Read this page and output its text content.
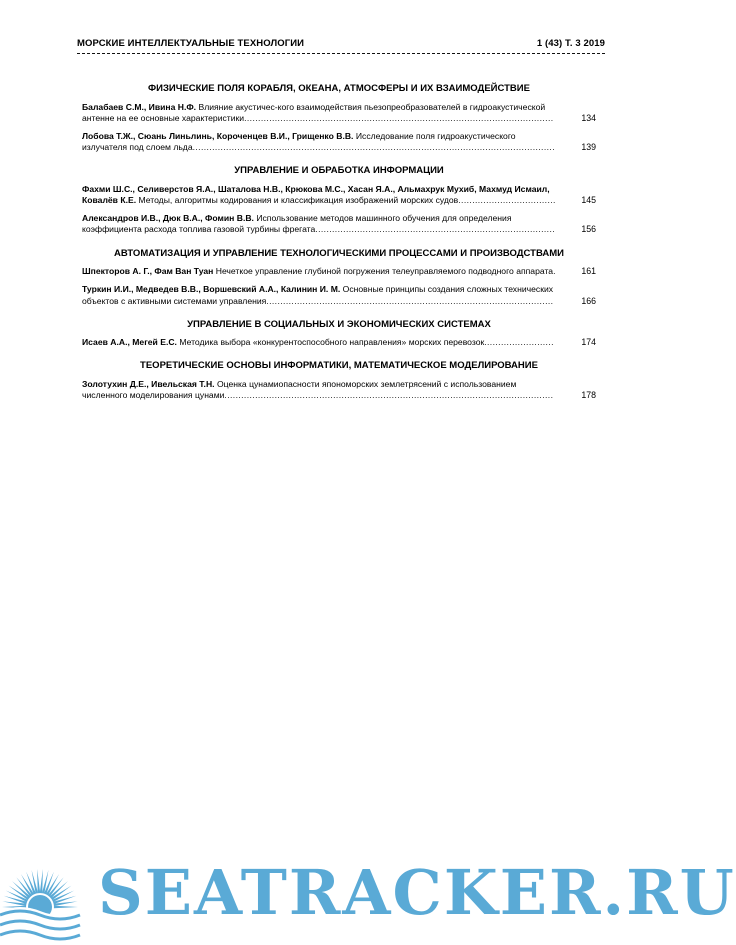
МОРСКИЕ ИНТЕЛЛЕКТУАЛЬНЫЕ ТЕХНОЛОГИИ	1 (43) Т. 3 2019
ФИЗИЧЕСКИЕ ПОЛЯ КОРАБЛЯ, ОКЕАНА, АТМОСФЕРЫ И ИХ ВЗАИМОДЕЙСТВИЕ
Балабаев С.М., Ивина Н.Ф. Влияние акустичес-кого взаимодействия пьезопреобразователей в гидроакустической антенне на ее основные характеристики...............................................................................................................	134
Лобова Т.Ж., Сюань Линьлинь, Короченцев В.И., Грищенко В.В. Исследование поля гидроакустического излучателя под слоем льда..................................................................................................................................	139
УПРАВЛЕНИЕ И ОБРАБОТКА ИНФОРМАЦИИ
Фахми Ш.С., Селиверстов Я.А., Шаталова Н.В., Крюкова М.С., Хасан Я.А., Альмахрук Мухиб, Махмуд Исмаил, Ковалёв К.Е. Методы, алгоритмы кодирования и классификация изображений морских судов...................................	145
Александров И.В., Дюк В.А., Фомин В.В. Использование методов машинного обучения для определения коэффициента расхода топлива газовой турбины фрегата......................................................................................	156
АВТОМАТИЗАЦИЯ И УПРАВЛЕНИЕ ТЕХНОЛОГИЧЕСКИМИ ПРОЦЕССАМИ И ПРОИЗВОДСТВАМИ
Шпекторов А. Г., Фам Ван Туан Нечеткое управление глубиной погружения телеуправляемого подводного аппарата.	161
Туркин И.И., Медведев В.В., Воршевский А.А., Калинин И. М. Основные принципы создания сложных технических объектов с активными системами управления.......................................................................................................	166
УПРАВЛЕНИЕ В СОЦИАЛЬНЫХ И ЭКОНОМИЧЕСКИХ СИСТЕМАХ
Исаев А.А., Мегей Е.С. Методика выбора «конкурентоспособного направления» морских перевозок.........................	174
ТЕОРЕТИЧЕСКИЕ ОСНОВЫ ИНФОРМАТИКИ, МАТЕМАТИЧЕСКОЕ МОДЕЛИРОВАНИЕ
Золотухин Д.Е., Ивельская Т.Н. Оценка цунамиопасности япономорских землетрясений с использованием численного моделирования цунами......................................................................................................................	178
SEATRACKER.RU
